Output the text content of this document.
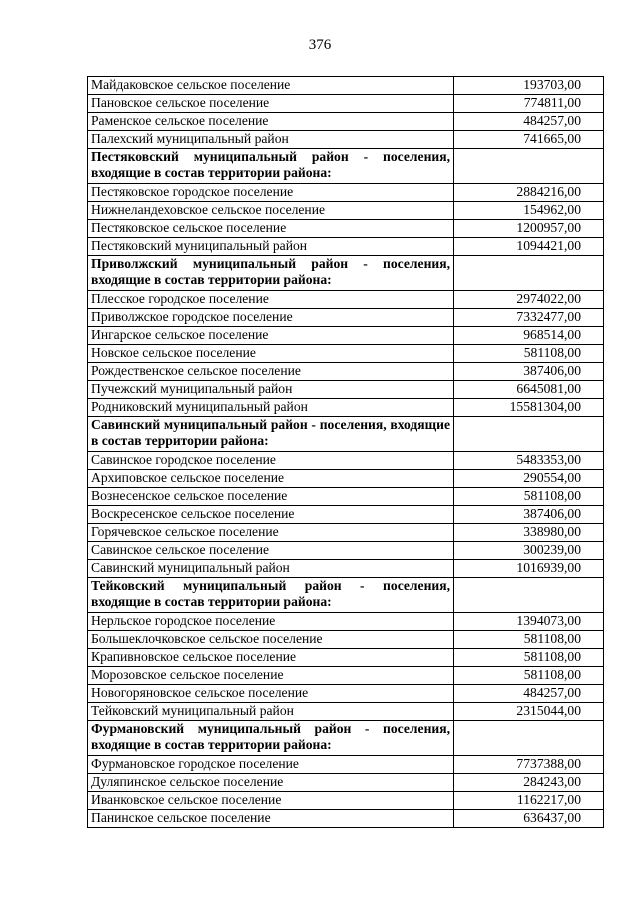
376
Майдаковское сельское поселение	193703,00
Пановское сельское поселение	774811,00
Раменское сельское поселение	484257,00
Палехский муниципальный район	741665,00
Пестяковский муниципальный район - поселения, входящие в состав территории района:	
Пестяковское городское поселение	2884216,00
Нижнеландеховское сельское поселение	154962,00
Пестяковское сельское поселение	1200957,00
Пестяковский муниципальный район	1094421,00
Приволжский муниципальный район - поселения, входящие в состав территории района:	
Плесское городское поселение	2974022,00
Приволжское городское поселение	7332477,00
Ингарское сельское поселение	968514,00
Новское сельское поселение	581108,00
Рождественское сельское поселение	387406,00
Пучежский муниципальный район	6645081,00
Родниковский муниципальный район	15581304,00
Савинский муниципальный район - поселения, входящие в состав территории района:	
Савинское городское поселение	5483353,00
Архиповское сельское поселение	290554,00
Вознесенское сельское поселение	581108,00
Воскресенское сельское поселение	387406,00
Горячевское сельское поселение	338980,00
Савинское сельское поселение	300239,00
Савинский муниципальный район	1016939,00
Тейковский муниципальный район - поселения, входящие в состав территории района:	
Нерльское городское поселение	1394073,00
Большеклочковское сельское поселение	581108,00
Крапивновское сельское поселение	581108,00
Морозовское сельское поселение	581108,00
Новогоряновское сельское поселение	484257,00
Тейковский муниципальный район	2315044,00
Фурмановский муниципальный район - поселения, входящие в состав территории района:	
Фурмановское городское поселение	7737388,00
Дуляпинское сельское поселение	284243,00
Иванковское сельское поселение	1162217,00
Панинское сельское поселение	636437,00
